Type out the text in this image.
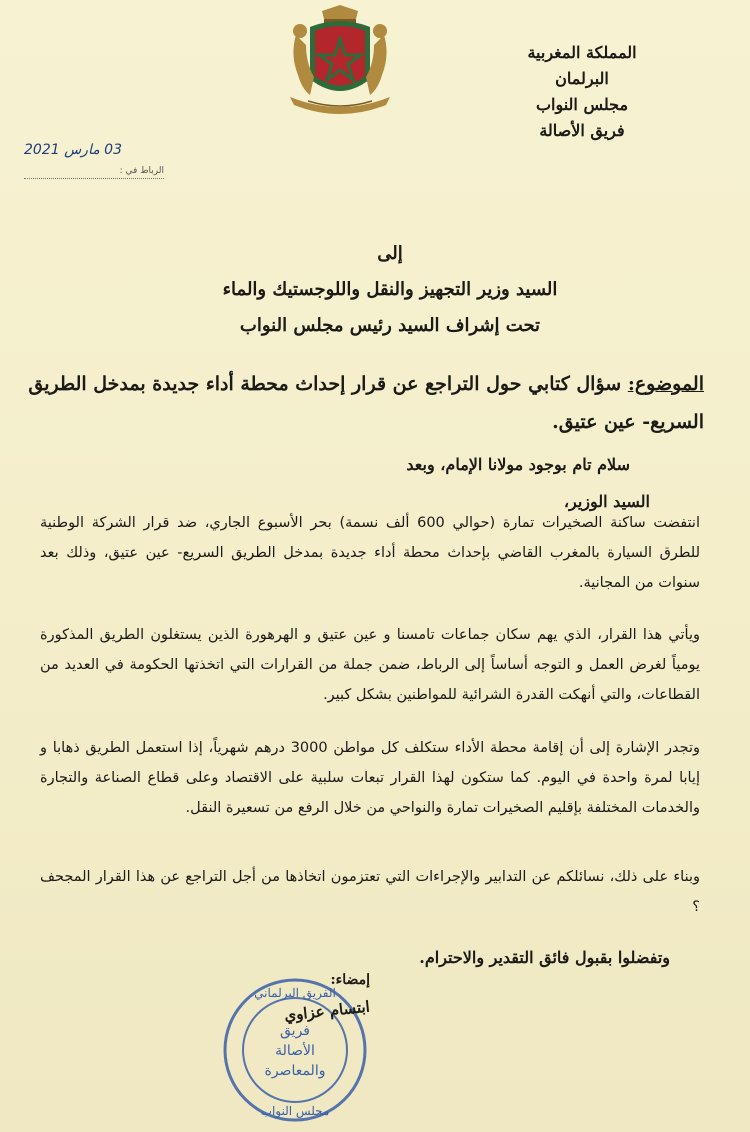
المملكة المغربية
البرلمان
مجلس النواب
فريق الأصالة
03 مارس 2021
الرباط في :
إلى
السيد وزير التجهيز والنقل واللوجستيك والماء
تحت إشراف السيد رئيس مجلس النواب
الموضوع: سؤال كتابي حول التراجع عن قرار إحداث محطة أداء جديدة بمدخل الطريق السريع- عين عتيق.
سلام تام بوجود مولانا الإمام، وبعد
السيد الوزير،
انتفضت ساكنة الصخيرات تمارة (حوالي 600 ألف نسمة) بحر الأسبوع الجاري، ضد قرار الشركة الوطنية للطرق السيارة بالمغرب القاضي بإحداث محطة أداء جديدة بمدخل الطريق السريع- عين عتيق، وذلك بعد سنوات من المجانية.
ويأتي هذا القرار، الذي يهم سكان جماعات تامسنا و عين عتيق و الهرهورة الذين يستغلون الطريق المذكورة يومياً لغرض العمل و التوجه أساساً إلى الرباط، ضمن جملة من القرارات التي اتخذتها الحكومة في العديد من القطاعات، والتي أنهكت القدرة الشرائية للمواطنين بشكل كبير.
وتجدر الإشارة إلى أن إقامة محطة الأداء ستكلف كل مواطن 3000 درهم شهرياً، إذا استعمل الطريق ذهابا و إيابا لمرة واحدة في اليوم. كما ستكون لهذا القرار تبعات سلبية على الاقتصاد وعلى قطاع الصناعة والتجارة والخدمات المختلفة بإقليم الصخيرات تمارة والنواحي من خلال الرفع من تسعيرة النقل.
وبناء على ذلك، نسائلكم عن التدابير والإجراءات التي تعتزمون اتخاذها من أجل التراجع عن هذا القرار المجحف ؟
وتفضلوا بقبول فائق التقدير والاحترام.
الفريق البرلماني
فريق
الأصالة
والمعاصرة
مجلس النواب
إمضاء:
ابتسام عزاوي
